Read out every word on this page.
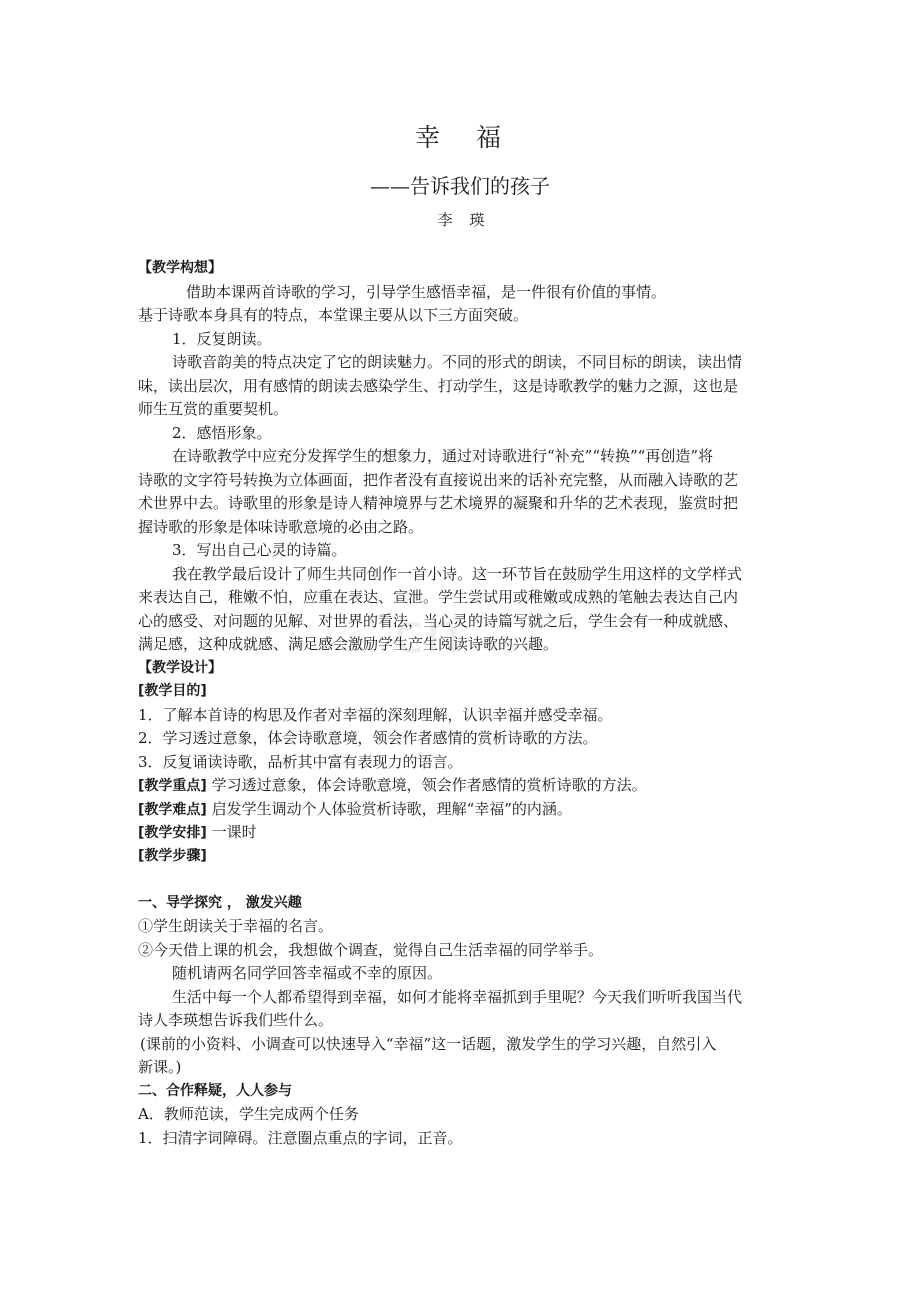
.cn
幸 福
——告诉我们的孩子
李 瑛
【教学构想】
借助本课两首诗歌的学习，引导学生感悟幸福，是一件很有价值的事情。
基于诗歌本身具有的特点，本堂课主要从以下三方面突破。
1．反复朗读。
诗歌音韵美的特点决定了它的朗读魅力。不同的形式的朗读，不同目标的朗读，读出情
味，读出层次，用有感情的朗读去感染学生、打动学生，这是诗歌教学的魅力之源，这也是
师生互赏的重要契机。
2．感悟形象。
在诗歌教学中应充分发挥学生的想象力，通过对诗歌进行“补充”“转换”“再创造”将
诗歌的文字符号转换为立体画面，把作者没有直接说出来的话补充完整，从而融入诗歌的艺
术世界中去。诗歌里的形象是诗人精神境界与艺术境界的凝聚和升华的艺术表现，鉴赏时把
握诗歌的形象是体味诗歌意境的必由之路。
3．写出自己心灵的诗篇。
我在教学最后设计了师生共同创作一首小诗。这一环节旨在鼓励学生用这样的文学样式
来表达自己，稚嫩不怕，应重在表达、宣泄。学生尝试用或稚嫩或成熟的笔触去表达自己内
心的感受、对问题的见解、对世界的看法，当心灵的诗篇写就之后，学生会有一种成就感、
满足感，这种成就感、满足感会激励学生产生阅读诗歌的兴趣。
【教学设计】
[教学目的]
1．了解本首诗的构思及作者对幸福的深刻理解，认识幸福并感受幸福。
2．学习透过意象，体会诗歌意境，领会作者感情的赏析诗歌的方法。
3．反复诵读诗歌，品析其中富有表现力的语言。
[教学重点] 学习透过意象，体会诗歌意境，领会作者感情的赏析诗歌的方法。
[教学难点] 启发学生调动个人体验赏析诗歌，理解“幸福”的内涵。
[教学安排] 一课时
[教学步骤]
一、导学探究 ， 激发兴趣
①学生朗读关于幸福的名言。
②今天借上课的机会，我想做个调查，觉得自己生活幸福的同学举手。
随机请两名同学回答幸福或不幸的原因。
生活中每一个人都希望得到幸福，如何才能将幸福抓到手里呢？今天我们听听我国当代
诗人李瑛想告诉我们些什么。
(课前的小资料、小调查可以快速导入“幸福”这一话题，激发学生的学习兴趣，自然引入
新课。)
二、合作释疑，人人参与
A．教师范读，学生完成两个任务
1．扫清字词障碍。注意圈点重点的字词，正音。
